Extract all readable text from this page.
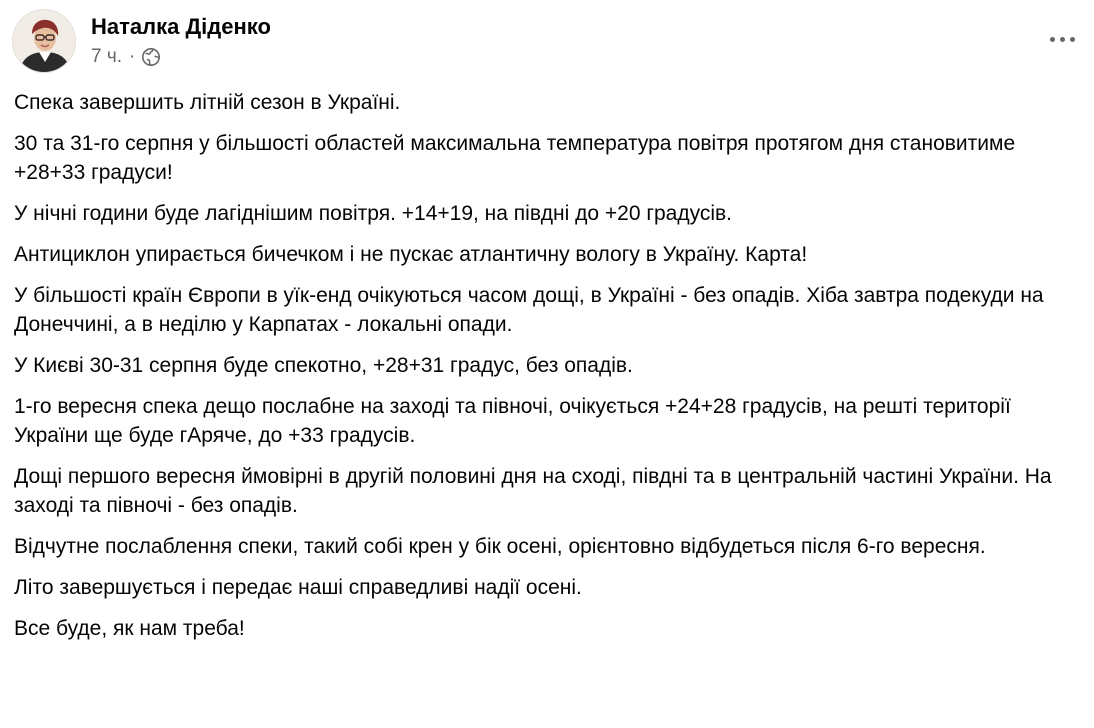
Наталка Діденко
7 ч. ·

Спека завершить літній сезон в Україні.

30 та 31-го серпня у більшості областей максимальна температура повітря протягом дня становитиме +28+33 градуси!

У нічні години буде лагіднішим повітря. +14+19, на півдні до +20 градусів.

Антициклон упирається бичечком і не пускає атлантичну вологу в Україну. Карта!

У більшості країн Європи в уїк-енд очікуються часом дощі, в Україні - без опадів. Хіба завтра подекуди на Донеччині, а в неділю у Карпатах - локальні опади.

У Києві 30-31 серпня буде спекотно, +28+31 градус, без опадів.

1-го вересня спека дещо послабне на заході та півночі, очікується +24+28 градусів, на решті території України ще буде гАряче, до +33 градусів.

Дощі першого вересня ймовірні в другій половині дня на сході, півдні та в центральній частині України. На заході та півночі - без опадів.

Відчутне послаблення спеки, такий собі крен у бік осені, орієнтовно відбудеться після 6-го вересня.

Літо завершується і передає наші справедливі надії осені.

Все буде, як нам треба!
